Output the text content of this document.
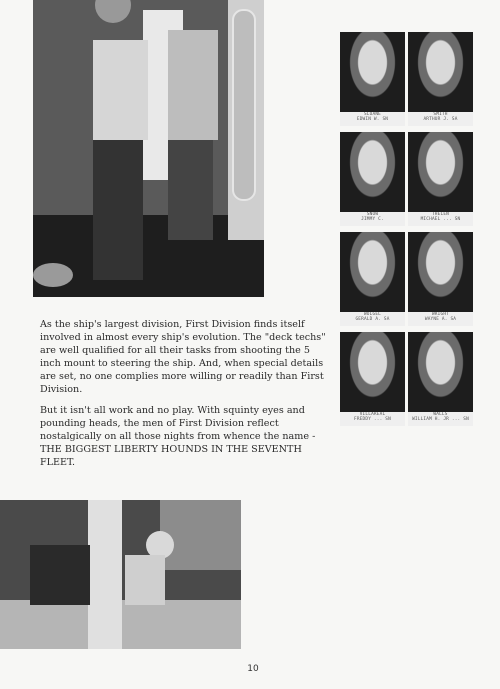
SLOANE
EDWIN W. SN
SMITH
ARTHUR J. SA
SNOW
JIMMY C.
THELEN
MICHAEL ... SN
WOLGEL
GERALD A. SA
WRIGHT
WAYNE A. SA
VILLAREAL
FREDDY ... SN
WALLS
WILLIAM H. JR ... SN

As the ship's largest division, First Division finds itself involved in almost every ship's evolution. The "deck techs" are well qualified for all their tasks from shooting the 5 inch mount to steering the ship. And, when special details are set, no one complies more willing or readily than First Division.

But it isn't all work and no play. With squinty eyes and pounding heads, the men of First Division reflect nostalgically on all those nights from whence the name - THE BIGGEST LIBERTY HOUNDS IN THE SEVENTH FLEET.

10
